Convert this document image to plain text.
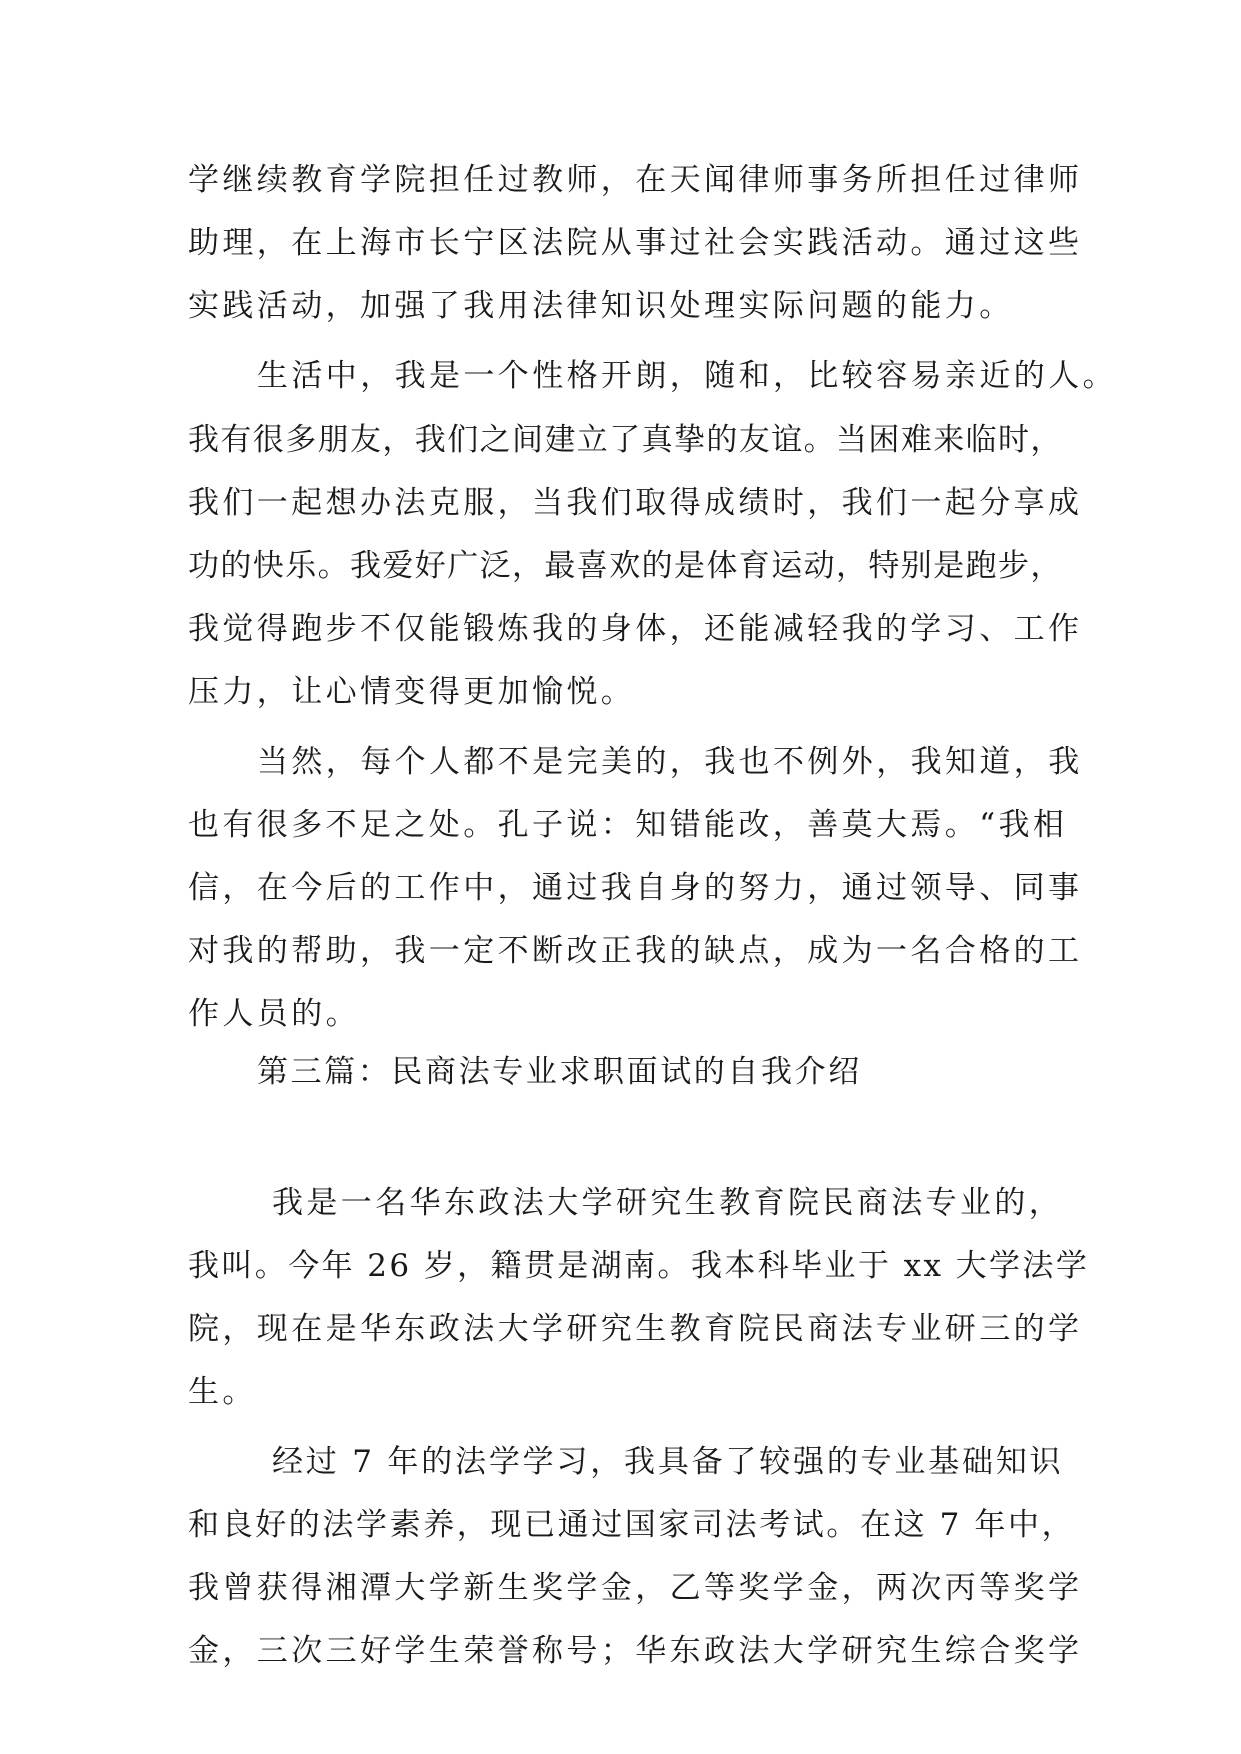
学继续教育学院担任过教师，在天闻律师事务所担任过律师
助理，在上海市长宁区法院从事过社会实践活动。通过这些
实践活动，加强了我用法律知识处理实际问题的能力。
生活中，我是一个性格开朗，随和，比较容易亲近的人。
我有很多朋友，我们之间建立了真挚的友谊。当困难来临时，
我们一起想办法克服，当我们取得成绩时，我们一起分享成
功的快乐。我爱好广泛，最喜欢的是体育运动，特别是跑步，
我觉得跑步不仅能锻炼我的身体，还能减轻我的学习、工作
压力，让心情变得更加愉悦。
当然，每个人都不是完美的，我也不例外，我知道，我
也有很多不足之处。孔子说：知错能改，善莫大焉。“我相
信，在今后的工作中，通过我自身的努力，通过领导、同事
对我的帮助，我一定不断改正我的缺点，成为一名合格的工
作人员的。
第三篇：民商法专业求职面试的自我介绍
我是一名华东政法大学研究生教育院民商法专业的，
我叫。今年 26 岁，籍贯是湖南。我本科毕业于 xx 大学法学
院，现在是华东政法大学研究生教育院民商法专业研三的学
生。
经过 7 年的法学学习，我具备了较强的专业基础知识
和良好的法学素养，现已通过国家司法考试。在这 7 年中，
我曾获得湘潭大学新生奖学金，乙等奖学金，两次丙等奖学
金，三次三好学生荣誉称号；华东政法大学研究生综合奖学
